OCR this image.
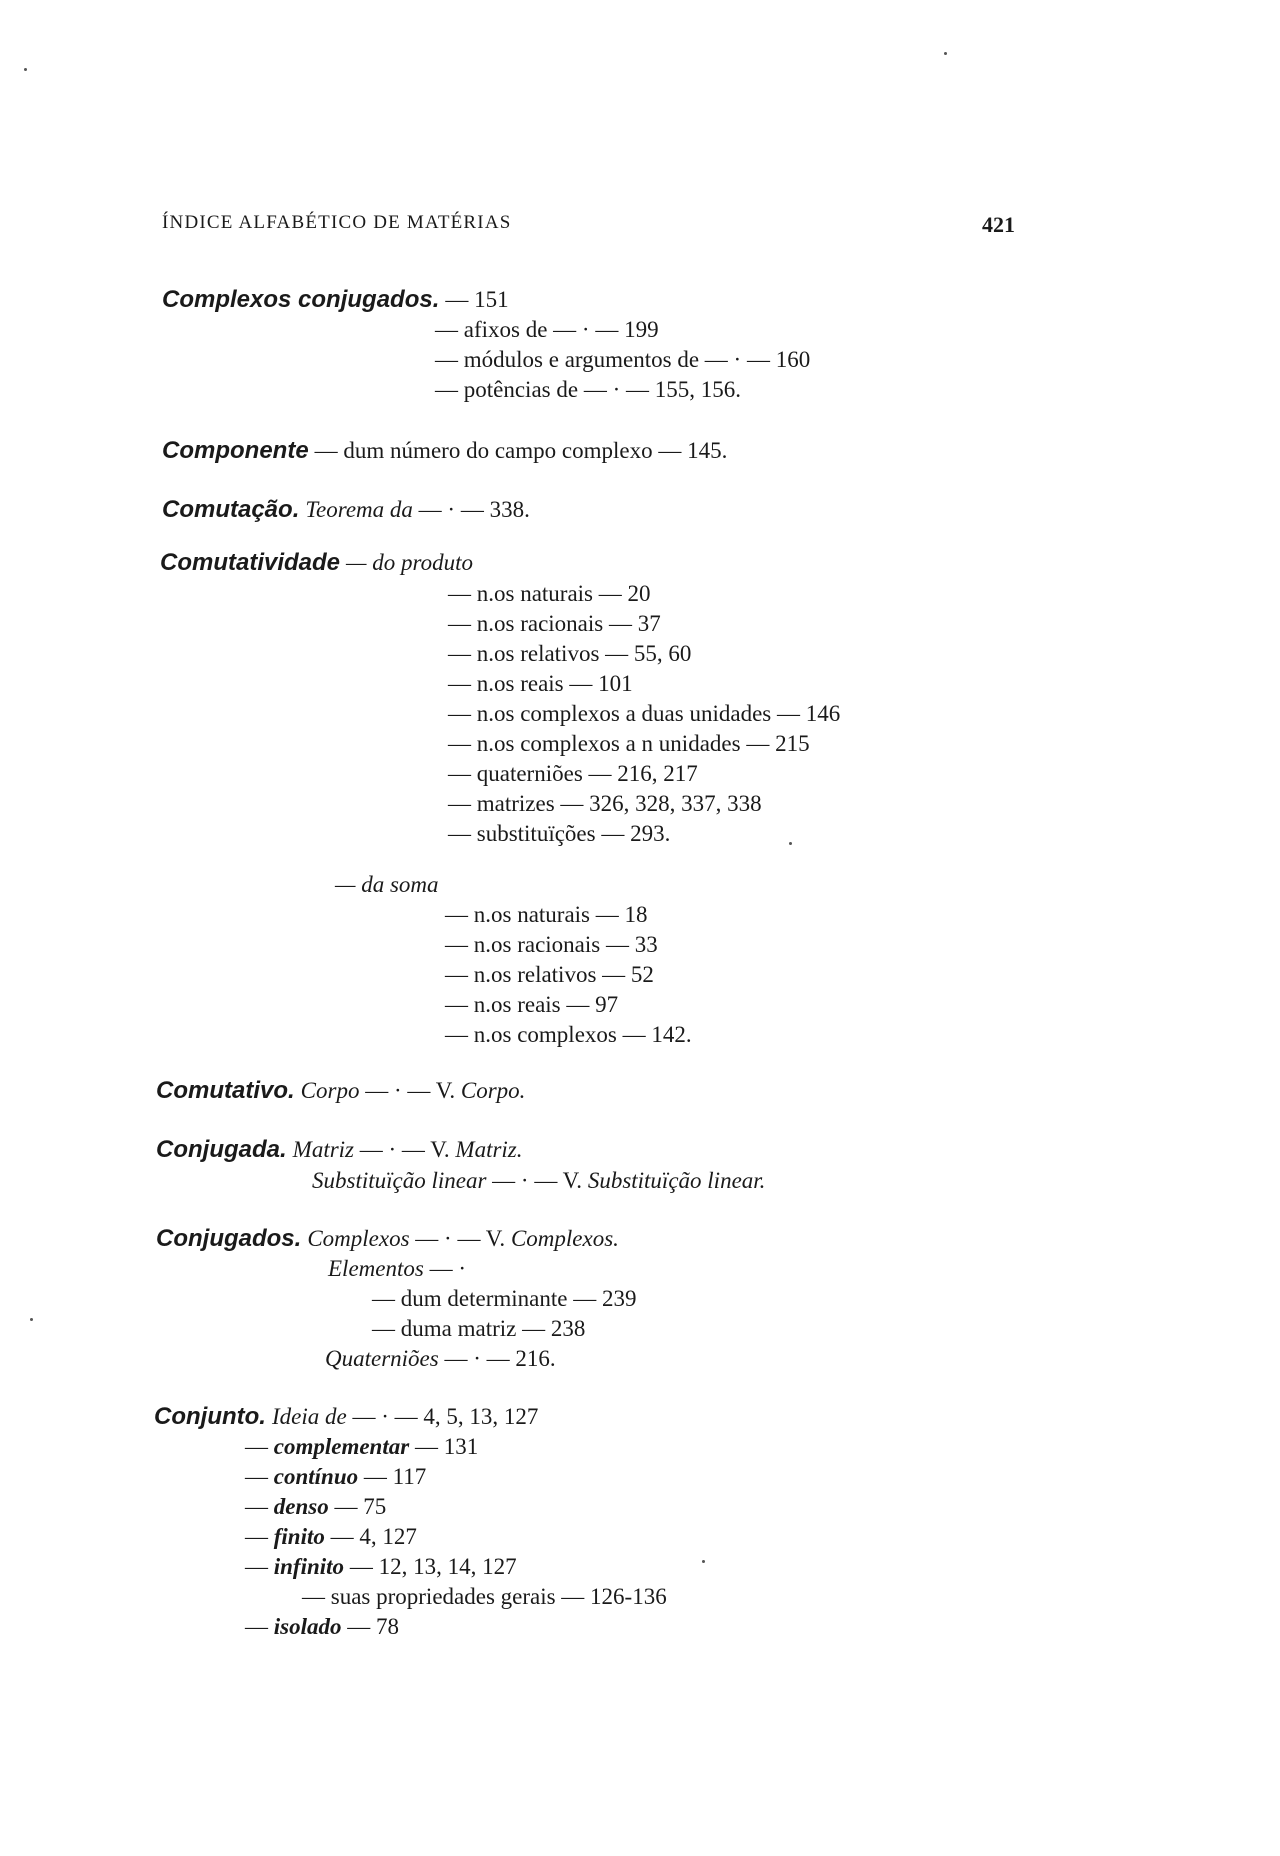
ÍNDICE ALFABÉTICO DE MATÉRIAS	421
Complexos conjugados. — 151
— afixos de — · — 199
— módulos e argumentos de — · — 160
— potências de — · — 155, 156.
Componente — dum número do campo complexo — 145.
Comutação. Teorema da — · — 338.
Comutatividade — do produto
— n.os naturais — 20
— n.os racionais — 37
— n.os relativos — 55, 60
— n.os reais — 101
— n.os complexos a duas unidades — 146
— n.os complexos a n unidades — 215
— quaterniões — 216, 217
— matrizes — 326, 328, 337, 338
— substituïções — 293.
— da soma
— n.os naturais — 18
— n.os racionais — 33
— n.os relativos — 52
— n.os reais — 97
— n.os complexos — 142.
Comutativo. Corpo — · — V. Corpo.
Conjugada. Matriz — · — V. Matriz.
Substituïção linear — · — V. Substituïção linear.
Conjugados. Complexos — · — V. Complexos.
Elementos — ·
— dum determinante — 239
— duma matriz — 238
Quaterniões — · — 216.
Conjunto. Ideia de — · — 4, 5, 13, 127
— complementar — 131
— contínuo — 117
— denso — 75
— finito — 4, 127
— infinito — 12, 13, 14, 127
— suas propriedades gerais — 126-136
— isolado — 78
